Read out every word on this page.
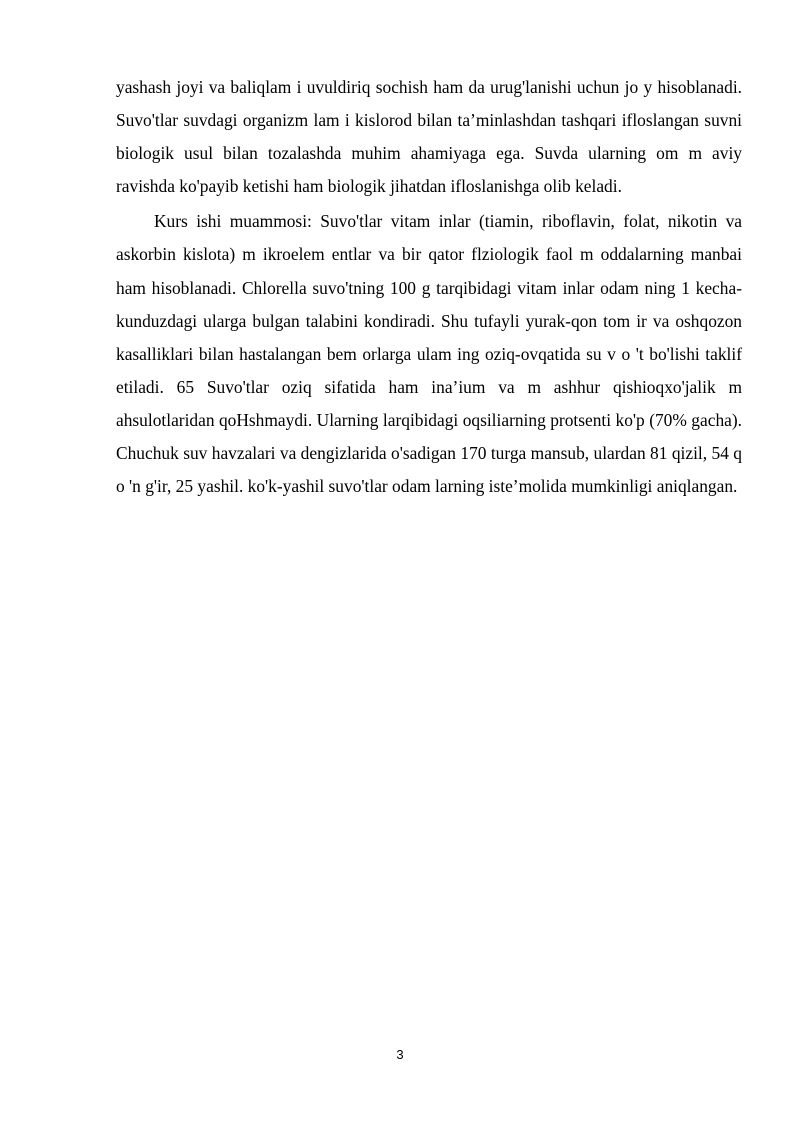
yashash joyi va baliqlam i uvuldiriq sochish ham da urug'lanishi uchun jo y hisoblanadi. Suvo'tlar suvdagi organizm lam i kislorod bilan ta’minlashdan tashqari ifloslangan suvni biologik usul bilan tozalashda muhim ahamiyaga ega. Suvda ularning om m aviy ravishda ko'payib ketishi ham biologik jihatdan ifloslanishga olib keladi.

Kurs ishi muammosi: Suvo'tlar vitam inlar (tiamin, riboflavin, folat, nikotin va askorbin kislota) m ikroelem entlar va bir qator flziologik faol m oddalarning manbai ham hisoblanadi. Chlorella suvo'tning 100 g tarqibidagi vitam inlar odam ning 1 kecha-kunduzdagi ularga bulgan talabini kondiradi. Shu tufayli yurak-qon tom ir va oshqozon kasalliklari bilan hastalangan bem orlarga ulam ing oziq-ovqatida su v o 't bo'lishi taklif etiladi. 65 Suvo'tlar oziq sifatida ham ina’ium va m ashhur qishioqxo'jalik m ahsulotlaridan qoHshmaydi. Ularning larqibidagi oqsiliarning protsenti ko'p (70% gacha). Chuchuk suv havzalari va dengizlarida o'sadigan 170 turga mansub, ulardan 81 qizil, 54 q o 'n g'ir, 25 yashil. ko'k-yashil suvo'tlar odam larning iste’molida mumkinligi aniqlangan.

3
